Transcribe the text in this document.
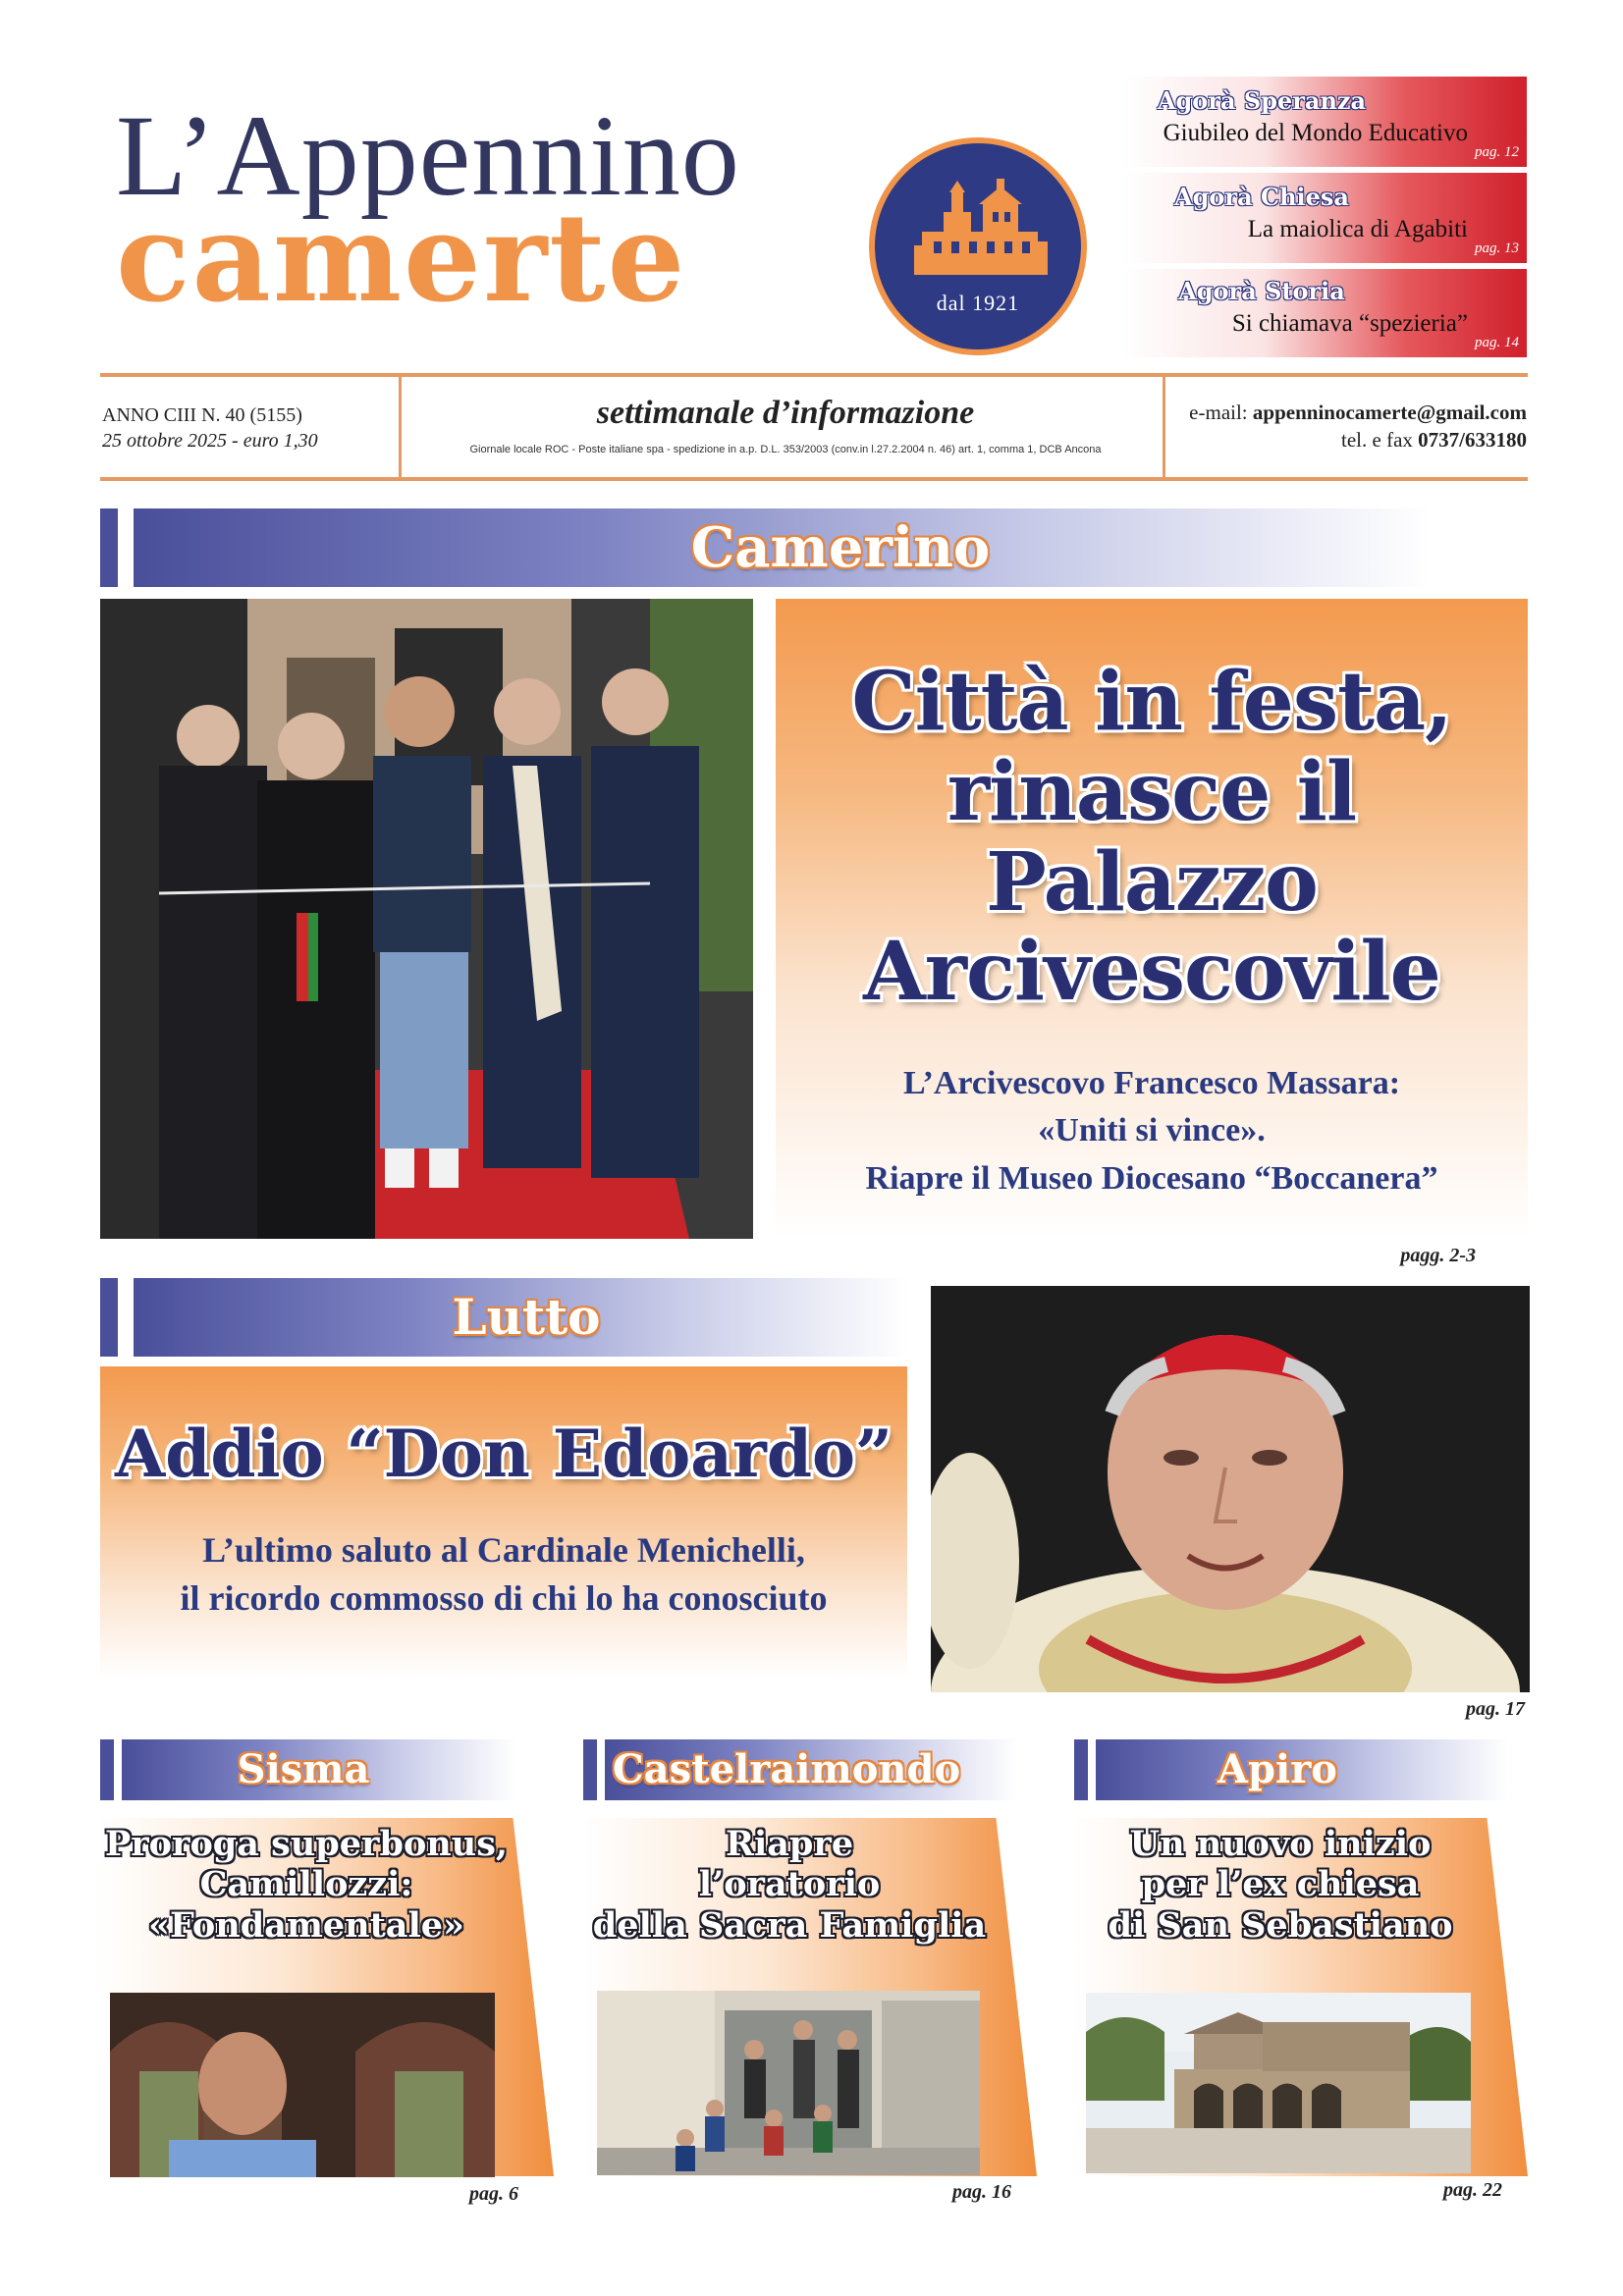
L’Appennino
camerte	dal 1921
Agorà Speranza
Giubileo del Mondo Educativo
pag. 12
Agorà Chiesa
La maiolica di Agabiti
pag. 13
Agorà Storia
Si chiamava “spezieria”
pag. 14
ANNO CIII N. 40 (5155)
25 ottobre 2025 - euro 1,30
settimanale d’informazione
Giornale locale ROC - Poste italiane spa - spedizione in a.p. D.L. 353/2003 (conv.in l.27.2.2004 n. 46) art. 1, comma 1, DCB Ancona
e-mail: appenninocamerte@gmail.com
tel. e fax 0737/633180
Camerino
Città in festa,
rinasce il Palazzo
Arcivescovile
L’Arcivescovo Francesco Massara:
«Uniti si vince».
Riapre il Museo Diocesano “Boccanera”
pagg. 2-3
Lutto
Addio “Don Edoardo”
L’ultimo saluto al Cardinale Menichelli,
il ricordo commosso di chi lo ha conosciuto
pag. 17
Sisma
Proroga superbonus,
Camillozzi:
«Fondamentale»
pag. 6
Castelraimondo
Riapre
l’oratorio
della Sacra Famiglia
pag. 16
Apiro
Un nuovo inizio
per l’ex chiesa
di San Sebastiano
pag. 22
